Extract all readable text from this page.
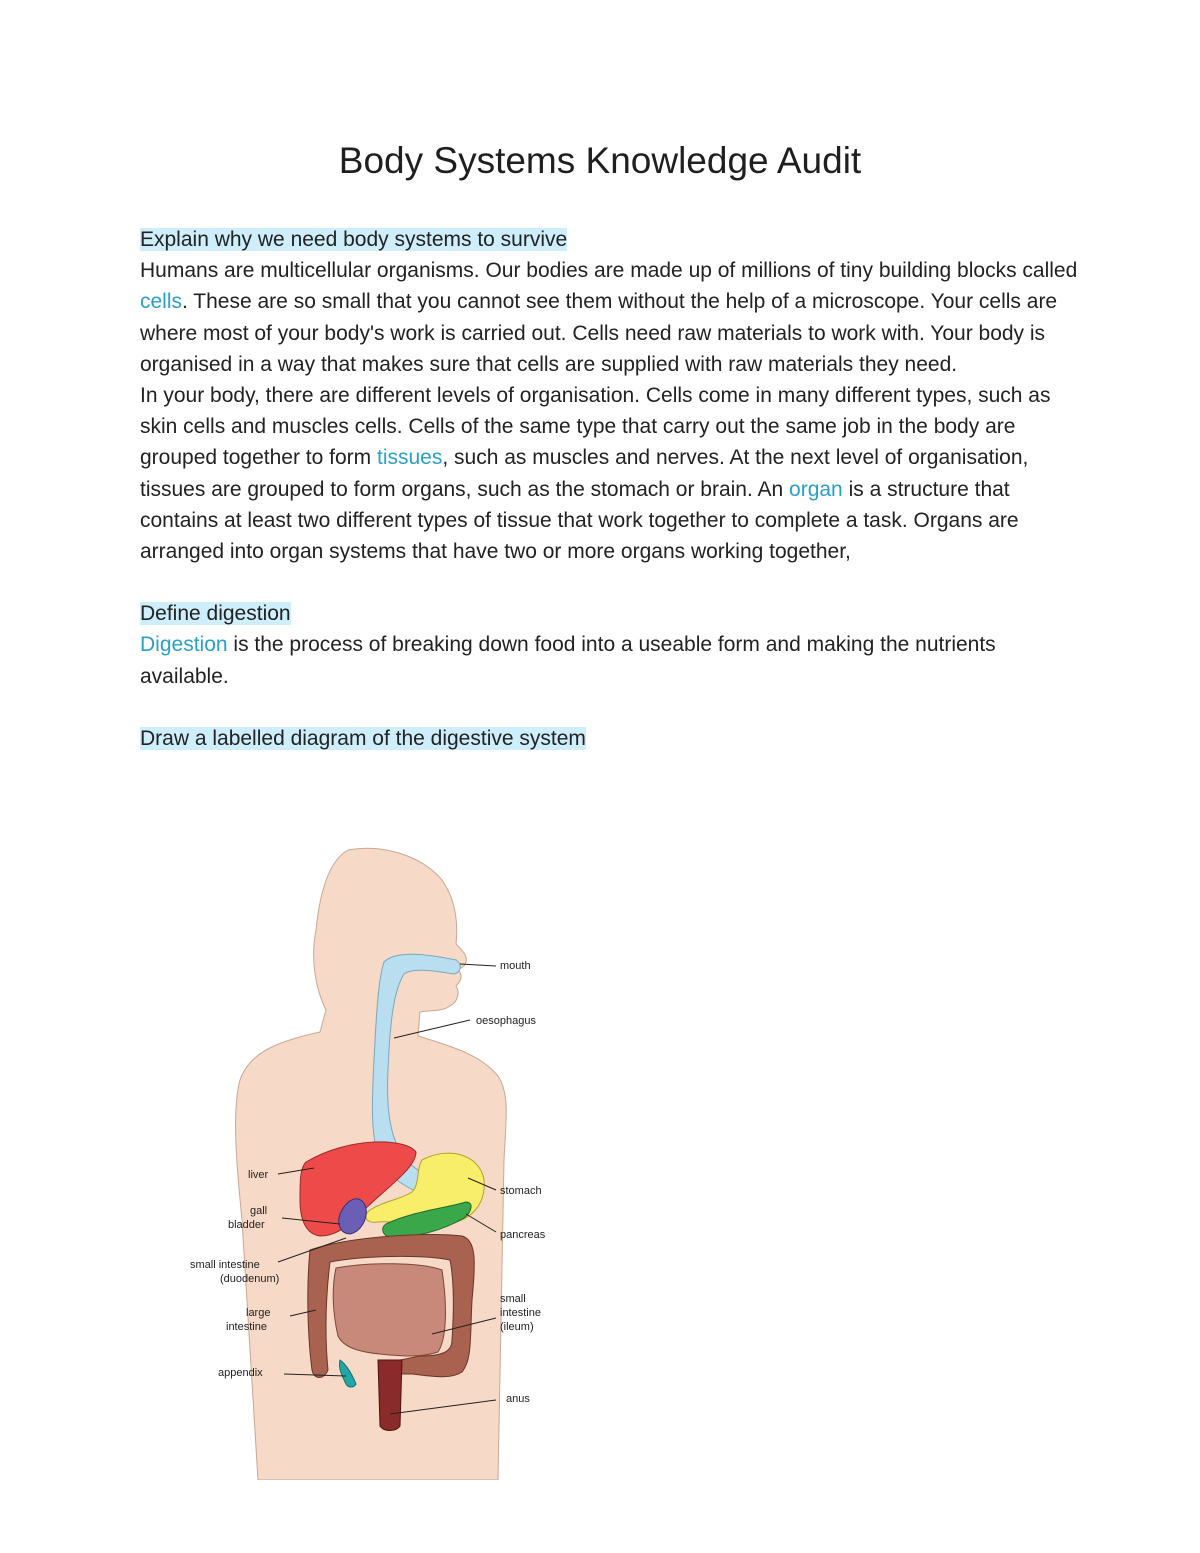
Body Systems Knowledge Audit

Explain why we need body systems to survive

Humans are multicellular organisms. Our bodies are made up of millions of tiny building blocks called cells. These are so small that you cannot see them without the help of a microscope. Your cells are where most of your body's work is carried out. Cells need raw materials to work with. Your body is organised in a way that makes sure that cells are supplied with raw materials they need.

In your body, there are different levels of organisation. Cells come in many different types, such as skin cells and muscles cells. Cells of the same type that carry out the same job in the body are grouped together to form tissues, such as muscles and nerves. At the next level of organisation, tissues are grouped to form organs, such as the stomach or brain. An organ is a structure that contains at least two different types of tissue that work together to complete a task. Organs are arranged into organ systems that have two or more organs working together,

Define digestion

Digestion is the process of breaking down food into a useable form and making the nutrients available.

Draw a labelled diagram of the digestive system

mouth
oesophagus
liver
stomach
gall
bladder
pancreas
small intestine
(duodenum)
large
intestine
small
intestine
(ileum)
appendix
anus
